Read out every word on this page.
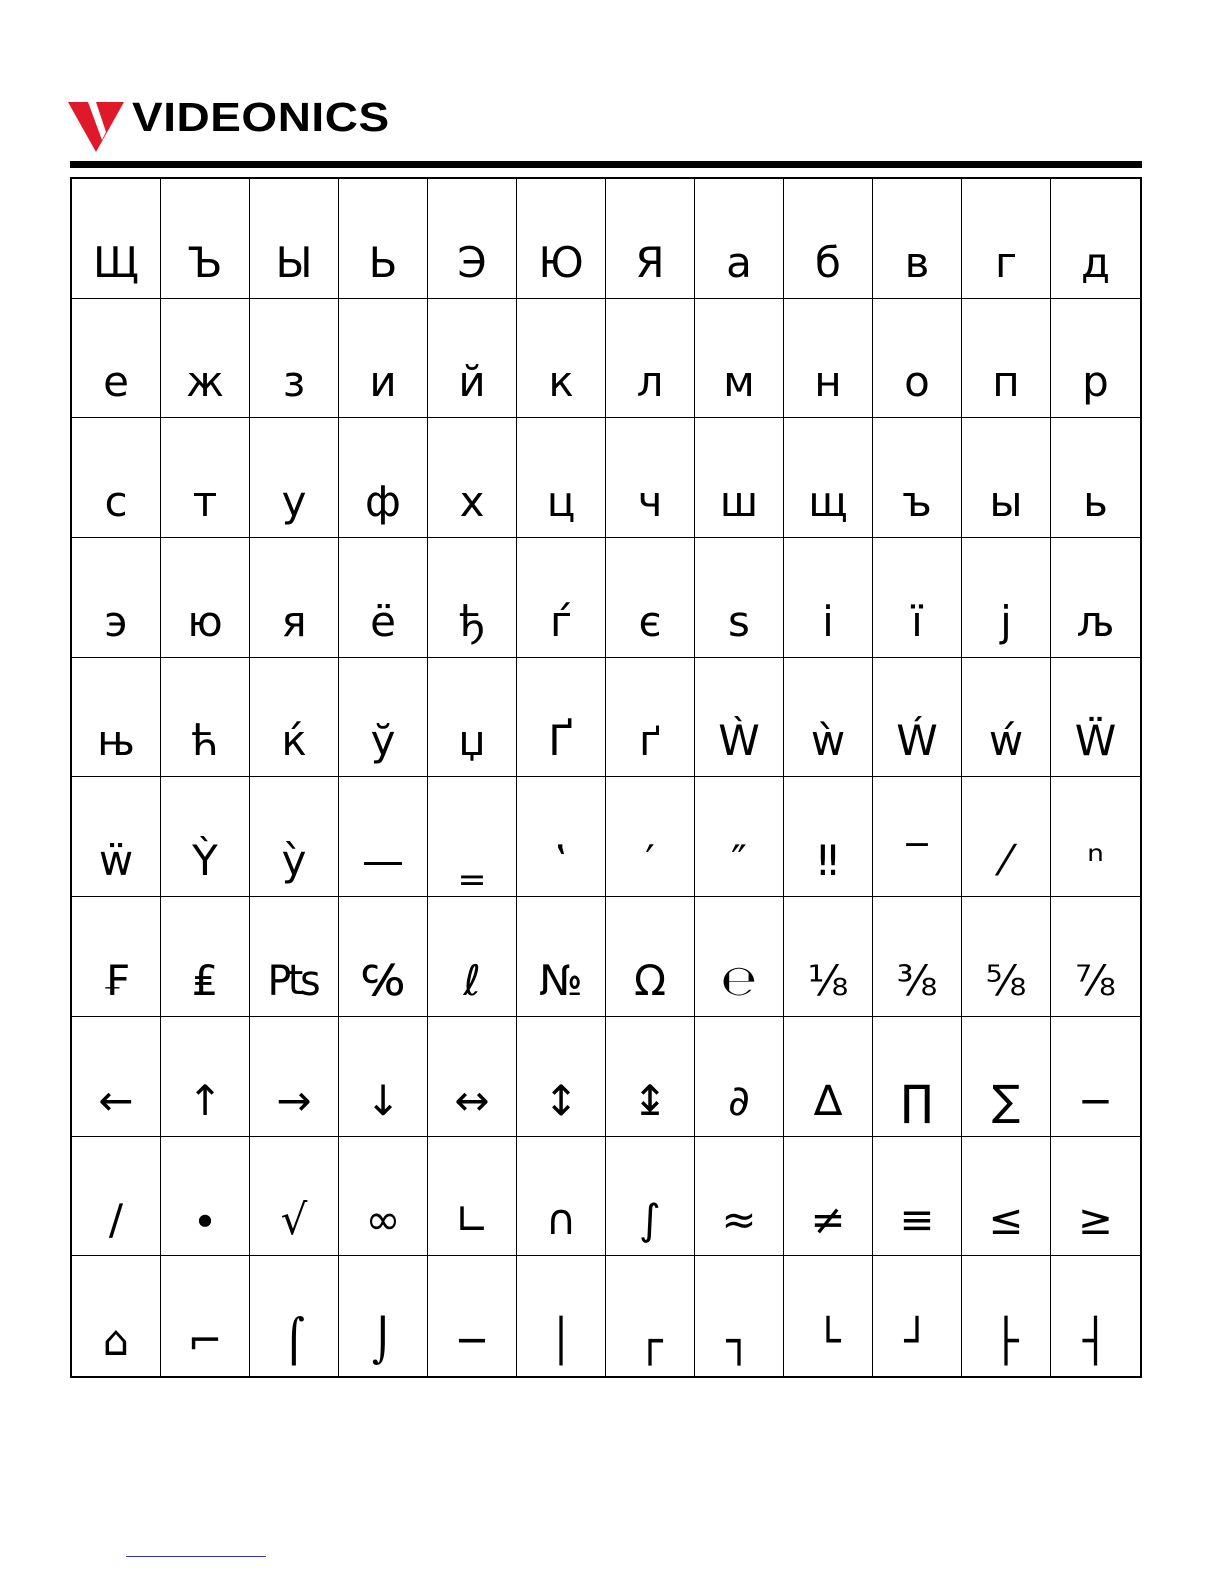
VIDEONICS
Щ Ъ Ы Ь Э Ю Я а б в г д
е ж з и й к л м н о п р
с т у ф х ц ч ш щ ъ ы ь
э ю я ё ђ ѓ є ѕ і ї ј љ
њ ћ ќ ў џ Ґ ґ Ẁ ẁ Ẃ ẃ Ẅ
ẅ Ỳ ỳ — ‗ ‛ ′ ″ ‼ ‾ ⁄ ⁿ
₣ ₤ ₧ ℅ ℓ № Ω ℮ ⅛ ⅜ ⅝ ⅞
← ↑ → ↓ ↔ ↕ ↨ ∂ ∆ ∏ ∑ −
∕ ∙ √ ∞ ∟ ∩ ∫ ≈ ≠ ≡ ≤ ≥
⌂ ⌐ ⌠ ⌡ ─ │ ┌ ┐ └ ┘ ├ ┤
